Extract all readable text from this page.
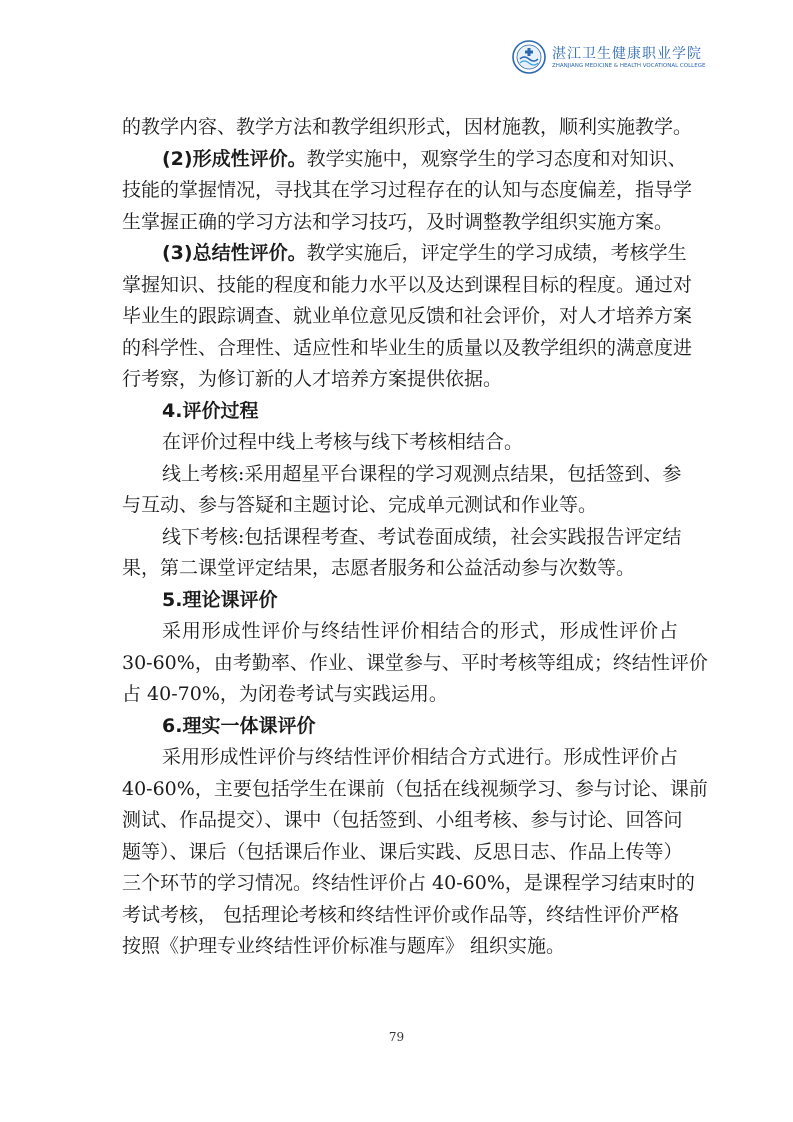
湛江卫生健康职业学院
ZHANJIANG MEDICINE & HEALTH VOCATIONAL COLLEGE
的教学内容、教学方法和教学组织形式，因材施教，顺利实施教学。
(2)形成性评价。教学实施中，观察学生的学习态度和对知识、
技能的掌握情况，寻找其在学习过程存在的认知与态度偏差，指导学
生掌握正确的学习方法和学习技巧，及时调整教学组织实施方案。
(3)总结性评价。教学实施后，评定学生的学习成绩，考核学生
掌握知识、技能的程度和能力水平以及达到课程目标的程度。通过对
毕业生的跟踪调查、就业单位意见反馈和社会评价，对人才培养方案
的科学性、合理性、适应性和毕业生的质量以及教学组织的满意度进
行考察，为修订新的人才培养方案提供依据。
4.评价过程
在评价过程中线上考核与线下考核相结合。
线上考核:采用超星平台课程的学习观测点结果，包括签到、参
与互动、参与答疑和主题讨论、完成单元测试和作业等。
线下考核:包括课程考查、考试卷面成绩，社会实践报告评定结
果，第二课堂评定结果，志愿者服务和公益活动参与次数等。
5.理论课评价
采用形成性评价与终结性评价相结合的形式，形成性评价占
30-60%，由考勤率、作业、课堂参与、平时考核等组成；终结性评价
占 40-70%，为闭卷考试与实践运用。
6.理实一体课评价
采用形成性评价与终结性评价相结合方式进行。形成性评价占
40-60%，主要包括学生在课前（包括在线视频学习、参与讨论、课前
测试、作品提交）、课中（包括签到、小组考核、参与讨论、回答问
题等）、课后（包括课后作业、课后实践、反思日志、作品上传等）
三个环节的学习情况。终结性评价占 40-60%，是课程学习结束时的
考试考核， 包括理论考核和终结性评价或作品等，终结性评价严格
按照《护理专业终结性评价标准与题库》 组织实施。
79
